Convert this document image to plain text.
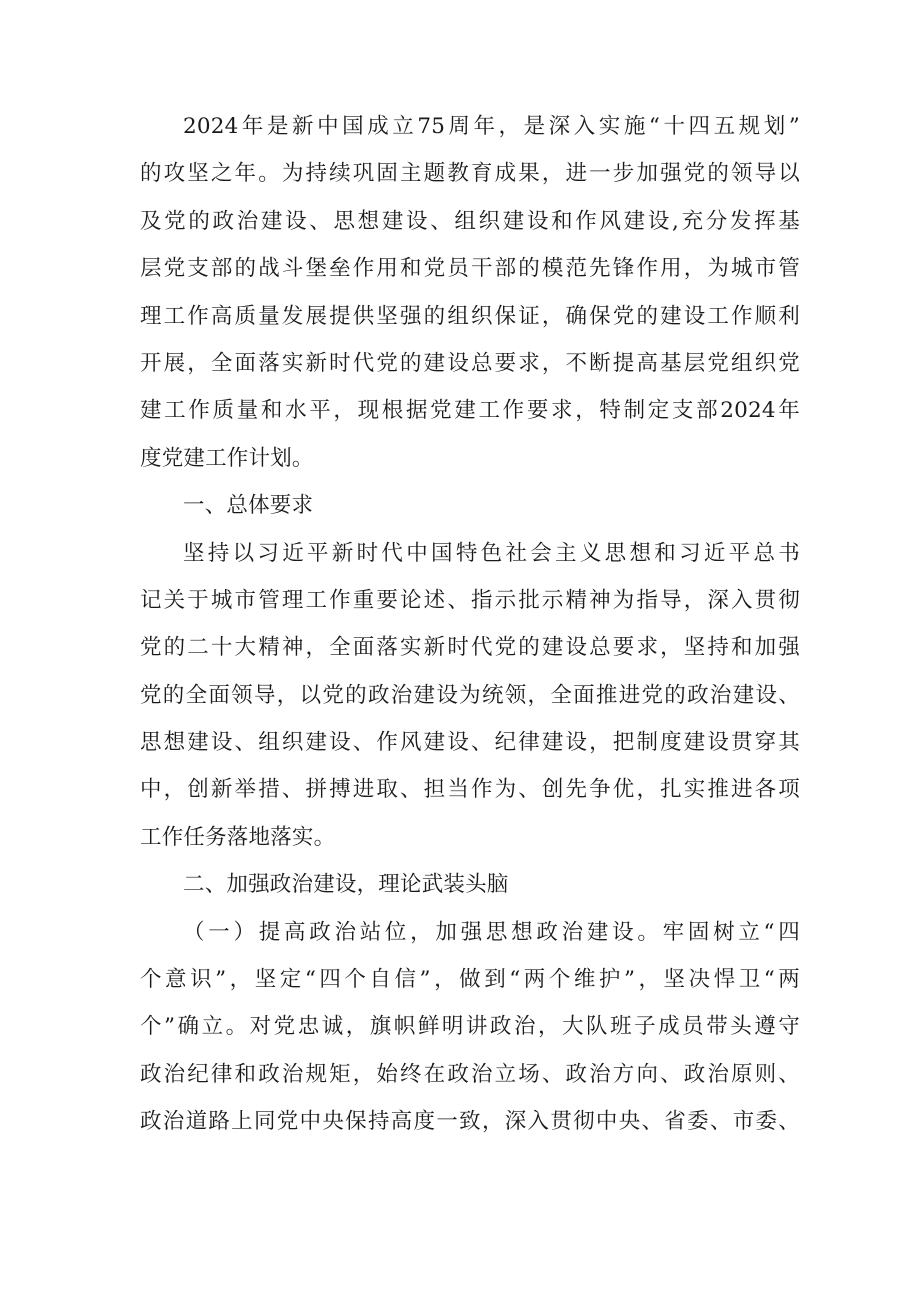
2024年是新中国成立75周年，是深入实施“十四五规划”
的攻坚之年。为持续巩固主题教育成果，进一步加强党的领导以
及党的政治建设、思想建设、组织建设和作风建设,充分发挥基
层党支部的战斗堡垒作用和党员干部的模范先锋作用，为城市管
理工作高质量发展提供坚强的组织保证，确保党的建设工作顺利
开展，全面落实新时代党的建设总要求，不断提高基层党组织党
建工作质量和水平，现根据党建工作要求，特制定支部2024年
度党建工作计划。
一、总体要求
坚持以习近平新时代中国特色社会主义思想和习近平总书
记关于城市管理工作重要论述、指示批示精神为指导，深入贯彻
党的二十大精神，全面落实新时代党的建设总要求，坚持和加强
党的全面领导，以党的政治建设为统领，全面推进党的政治建设、
思想建设、组织建设、作风建设、纪律建设，把制度建设贯穿其
中，创新举措、拼搏进取、担当作为、创先争优，扎实推进各项
工作任务落地落实。
二、加强政治建设，理论武装头脑
（一）提高政治站位，加强思想政治建设。牢固树立“四
个意识”，坚定“四个自信”，做到“两个维护”，坚决悍卫“两
个”确立。对党忠诚，旗帜鲜明讲政治，大队班子成员带头遵守
政治纪律和政治规矩，始终在政治立场、政治方向、政治原则、
政治道路上同党中央保持高度一致，深入贯彻中央、省委、市委、
